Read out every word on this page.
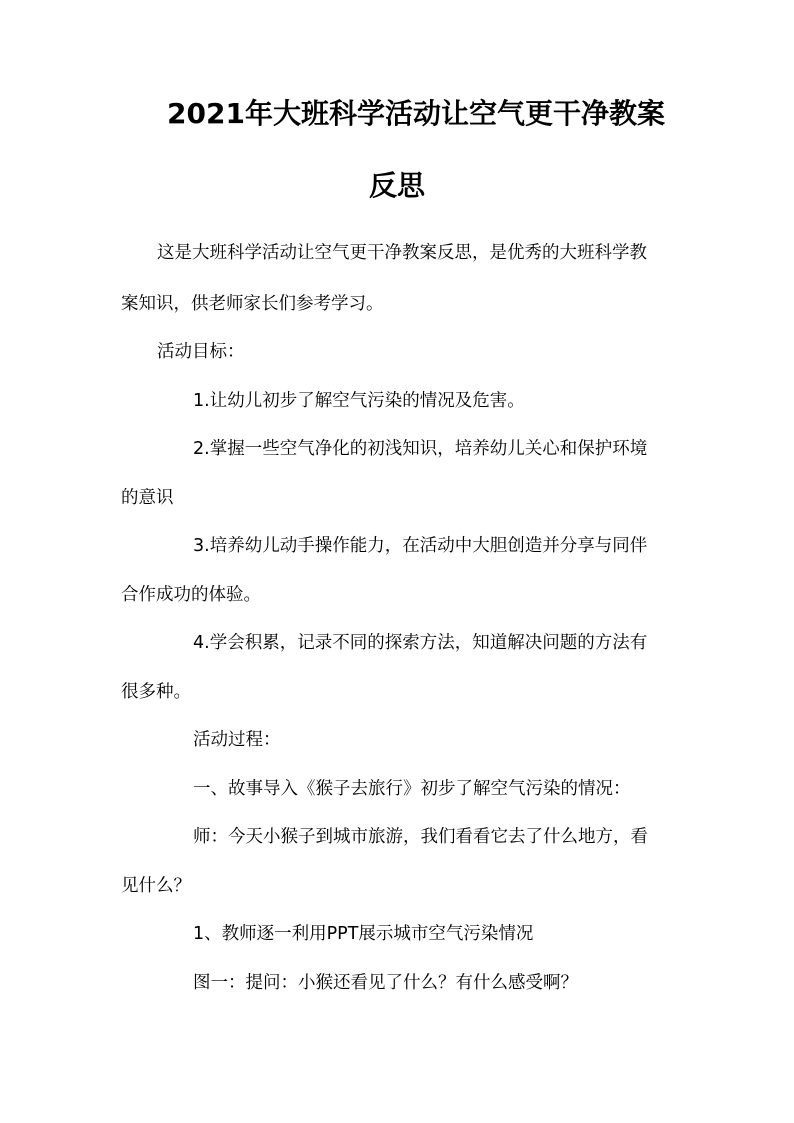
2021年大班科学活动让空气更干净教案
反思
这是大班科学活动让空气更干净教案反思，是优秀的大班科学教
案知识，供老师家长们参考学习。
活动目标：
1.让幼儿初步了解空气污染的情况及危害。
2.掌握一些空气净化的初浅知识，培养幼儿关心和保护环境
的意识
3.培养幼儿动手操作能力，在活动中大胆创造并分享与同伴
合作成功的体验。
4.学会积累，记录不同的探索方法，知道解决问题的方法有
很多种。
活动过程：
一、故事导入《猴子去旅行》初步了解空气污染的情况：
师：今天小猴子到城市旅游，我们看看它去了什么地方，看
见什么？
1、教师逐一利用PPT展示城市空气污染情况
图一：提问：小猴还看见了什么？有什么感受啊？
